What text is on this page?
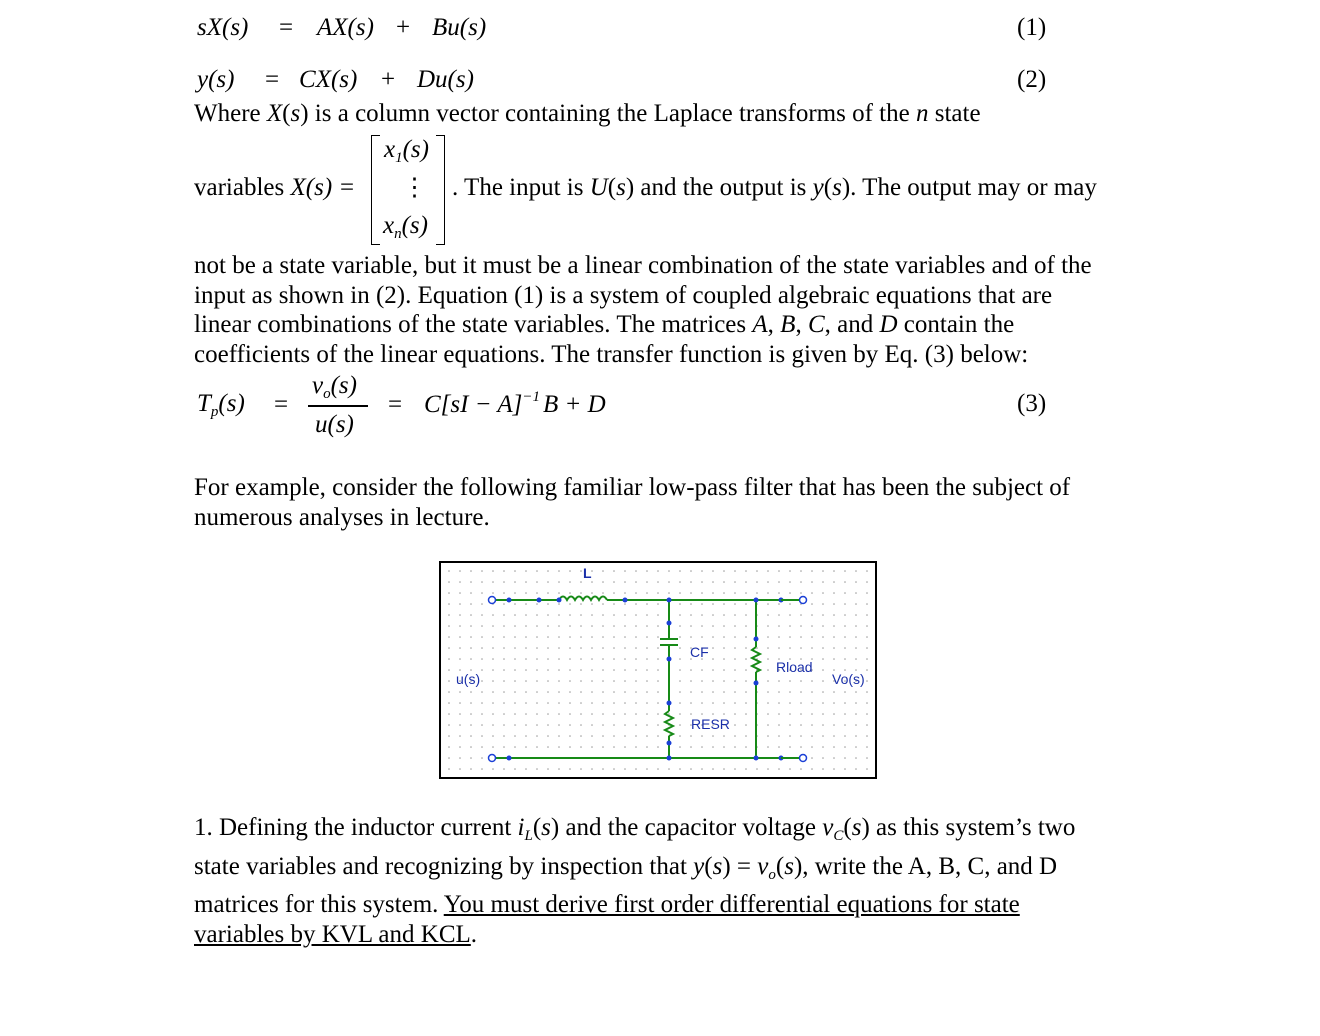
sX(s) = AX(s) + Bu(s)	(1)
y(s) = CX(s) + Du(s)	(2)
Where X(s) is a column vector containing the Laplace transforms of the n state
variables X(s) =
$x_1(s)$
⋮
$x_n(s)$
. The input is U(s) and the output is y(s). The output may or may

not be a state variable, but it must be a linear combination of the state variables and of the

input as shown in (2). Equation (1) is a system of coupled algebraic equations that are

linear combinations of the state variables. The matrices A, B, C, and D contain the

coefficients of the linear equations. The transfer function is given by Eq. (3) below:

$T_p(s)$ =
$v_o(s)$
u(s)
= C[sI − A]$^{-1}$ B + D	(3)

For example, consider the following familiar low-pass filter that has been the subject of

numerous analyses in lecture.

L
CF
RESR
Rload
u(s)	Vo(s)

1. Defining the inductor current $i_L(s)$ and the capacitor voltage $v_C(s)$ as this system’s two

state variables and recognizing by inspection that $y(s) = v_o(s)$, write the A, B, C, and D

matrices for this system. You must derive first order differential equations for state

variables by KVL and KCL.
